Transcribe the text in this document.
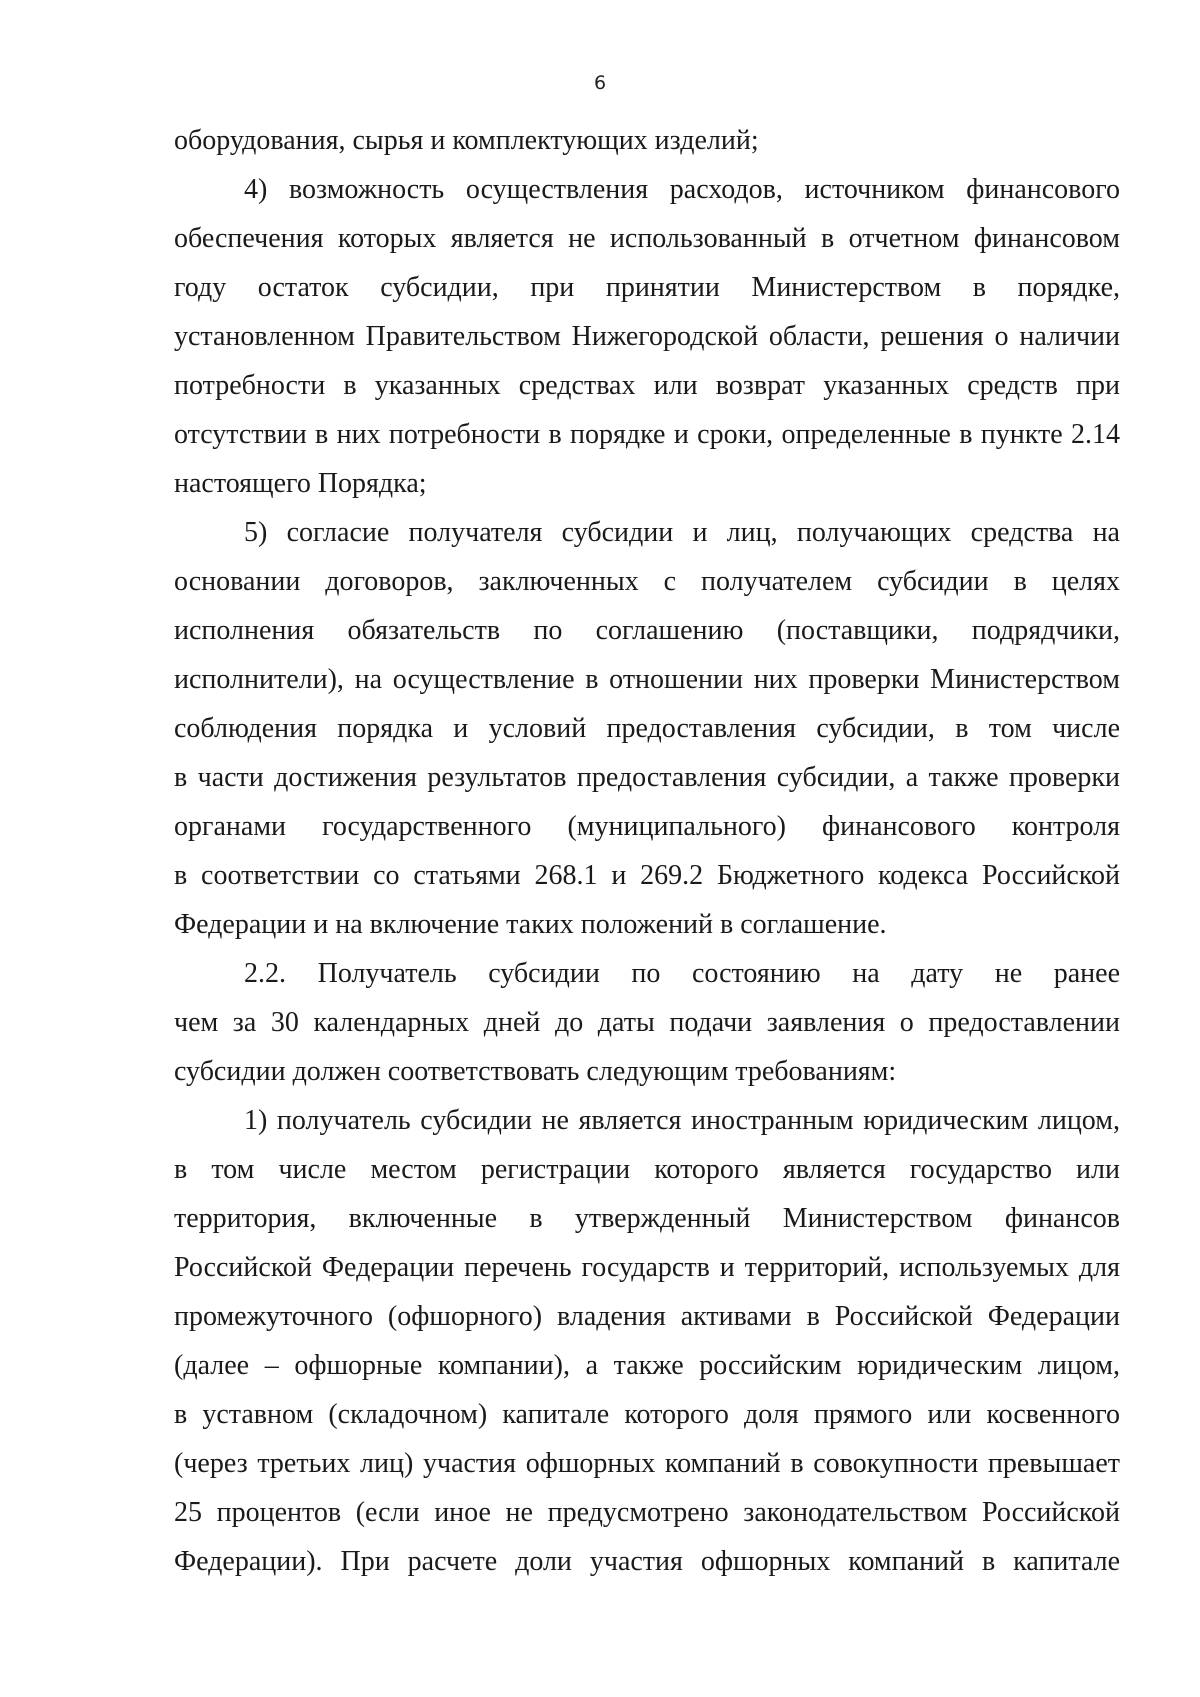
6
оборудования, сырья и комплектующих изделий;
4) возможность осуществления расходов, источником финансового
обеспечения которых является не использованный в отчетном финансовом
году остаток субсидии, при принятии Министерством в порядке,
установленном Правительством Нижегородской области, решения о наличии
потребности в указанных средствах или возврат указанных средств при
отсутствии в них потребности в порядке и сроки, определенные в пункте 2.14
настоящего Порядка;
5) согласие получателя субсидии и лиц, получающих средства на
основании договоров, заключенных с получателем субсидии в целях
исполнения обязательств по соглашению (поставщики, подрядчики,
исполнители), на осуществление в отношении них проверки Министерством
соблюдения порядка и условий предоставления субсидии, в том числе
в части достижения результатов предоставления субсидии, а также проверки
органами государственного (муниципального) финансового контроля
в соответствии со статьями 268.1 и 269.2 Бюджетного кодекса Российской
Федерации и на включение таких положений в соглашение.
2.2. Получатель субсидии по состоянию на дату не ранее
чем за 30 календарных дней до даты подачи заявления о предоставлении
субсидии должен соответствовать следующим требованиям:
1) получатель субсидии не является иностранным юридическим лицом,
в том числе местом регистрации которого является государство или
территория, включенные в утвержденный Министерством финансов
Российской Федерации перечень государств и территорий, используемых для
промежуточного (офшорного) владения активами в Российской Федерации
(далее – офшорные компании), а также российским юридическим лицом,
в уставном (складочном) капитале которого доля прямого или косвенного
(через третьих лиц) участия офшорных компаний в совокупности превышает
25 процентов (если иное не предусмотрено законодательством Российской
Федерации). При расчете доли участия офшорных компаний в капитале
